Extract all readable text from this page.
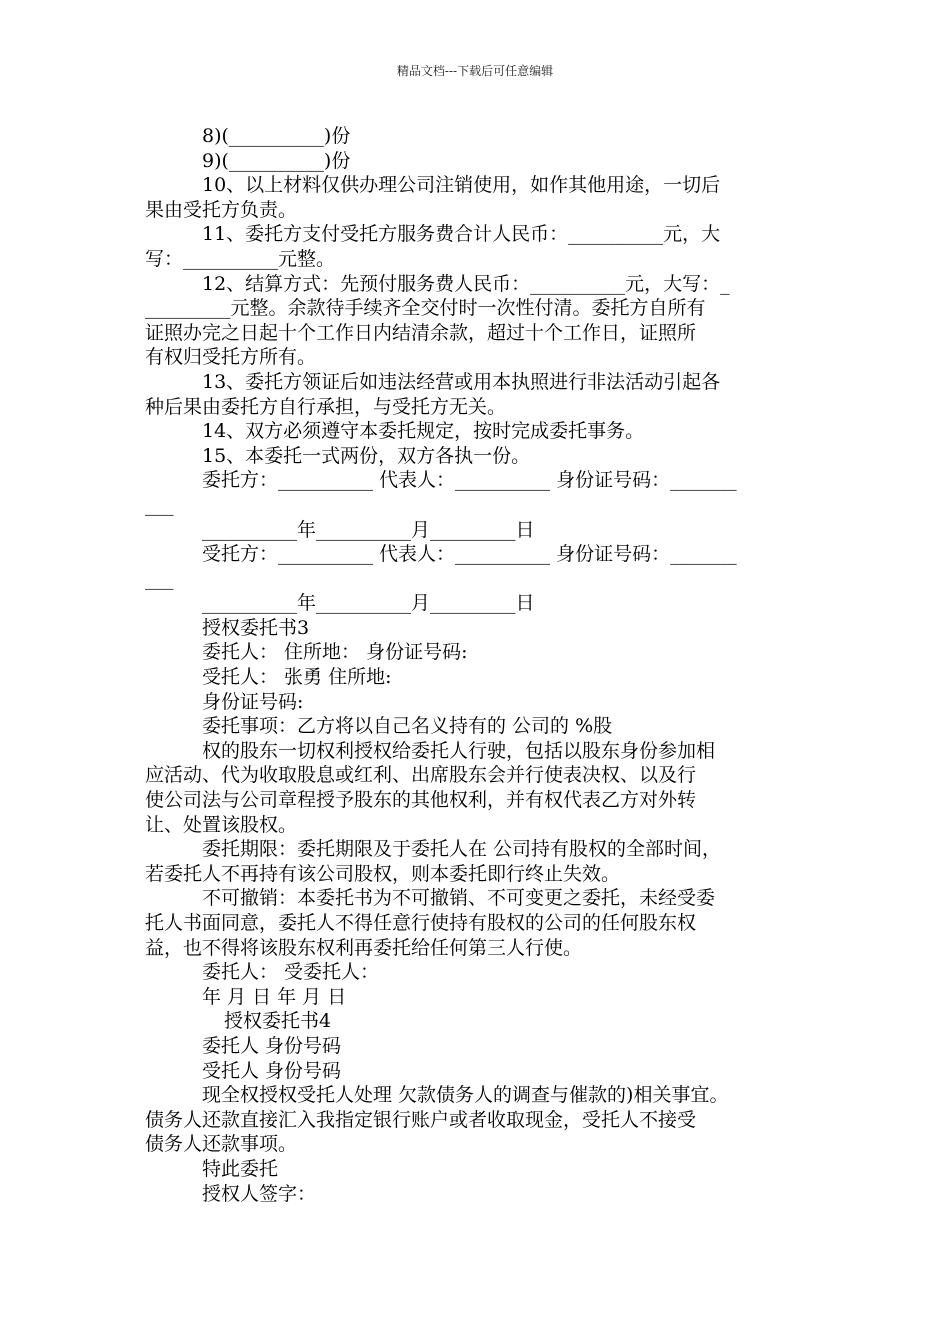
精品文档---下载后可任意编辑
8)(__________)份
9)(__________)份
10、以上材料仅供办理公司注销使用，如作其他用途，一切后
果由受托方负责。
11、委托方支付受托方服务费合计人民币：__________元，大
写：__________元整。
12、结算方式：先预付服务费人民币：__________元，大写：_
_________元整。余款待手续齐全交付时一次性付清。委托方自所有
证照办完之日起十个工作日内结清余款，超过十个工作日，证照所
有权归受托方所有。
13、委托方领证后如违法经营或用本执照进行非法活动引起各
种后果由委托方自行承担，与受托方无关。
14、双方必须遵守本委托规定，按时完成委托事务。
15、本委托一式两份，双方各执一份。
委托方：__________ 代表人：__________ 身份证号码：_______
___
__________年__________月_________日
受托方：__________ 代表人：__________ 身份证号码：_______
___
__________年__________月_________日
授权委托书3
委托人： 住所地： 身份证号码:
受托人： 张勇 住所地:
身份证号码:
委托事项：乙方将以自己名义持有的 公司的 %股
权的股东一切权利授权给委托人行驶，包括以股东身份参加相
应活动、代为收取股息或红利、出席股东会并行使表决权、以及行
使公司法与公司章程授予股东的其他权利，并有权代表乙方对外转
让、处置该股权。
委托期限：委托期限及于委托人在 公司持有股权的全部时间，
若委托人不再持有该公司股权，则本委托即行终止失效。
不可撤销：本委托书为不可撤销、不可变更之委托，未经受委
托人书面同意，委托人不得任意行使持有股权的公司的任何股东权
益，也不得将该股东权利再委托给任何第三人行使。
委托人： 受委托人：
年 月 日 年 月 日
授权委托书4
委托人 身份号码
受托人 身份号码
现全权授权受托人处理 欠款债务人的调查与催款的)相关事宜。
债务人还款直接汇入我指定银行账户或者收取现金，受托人不接受
债务人还款事项。
特此委托
授权人签字：
